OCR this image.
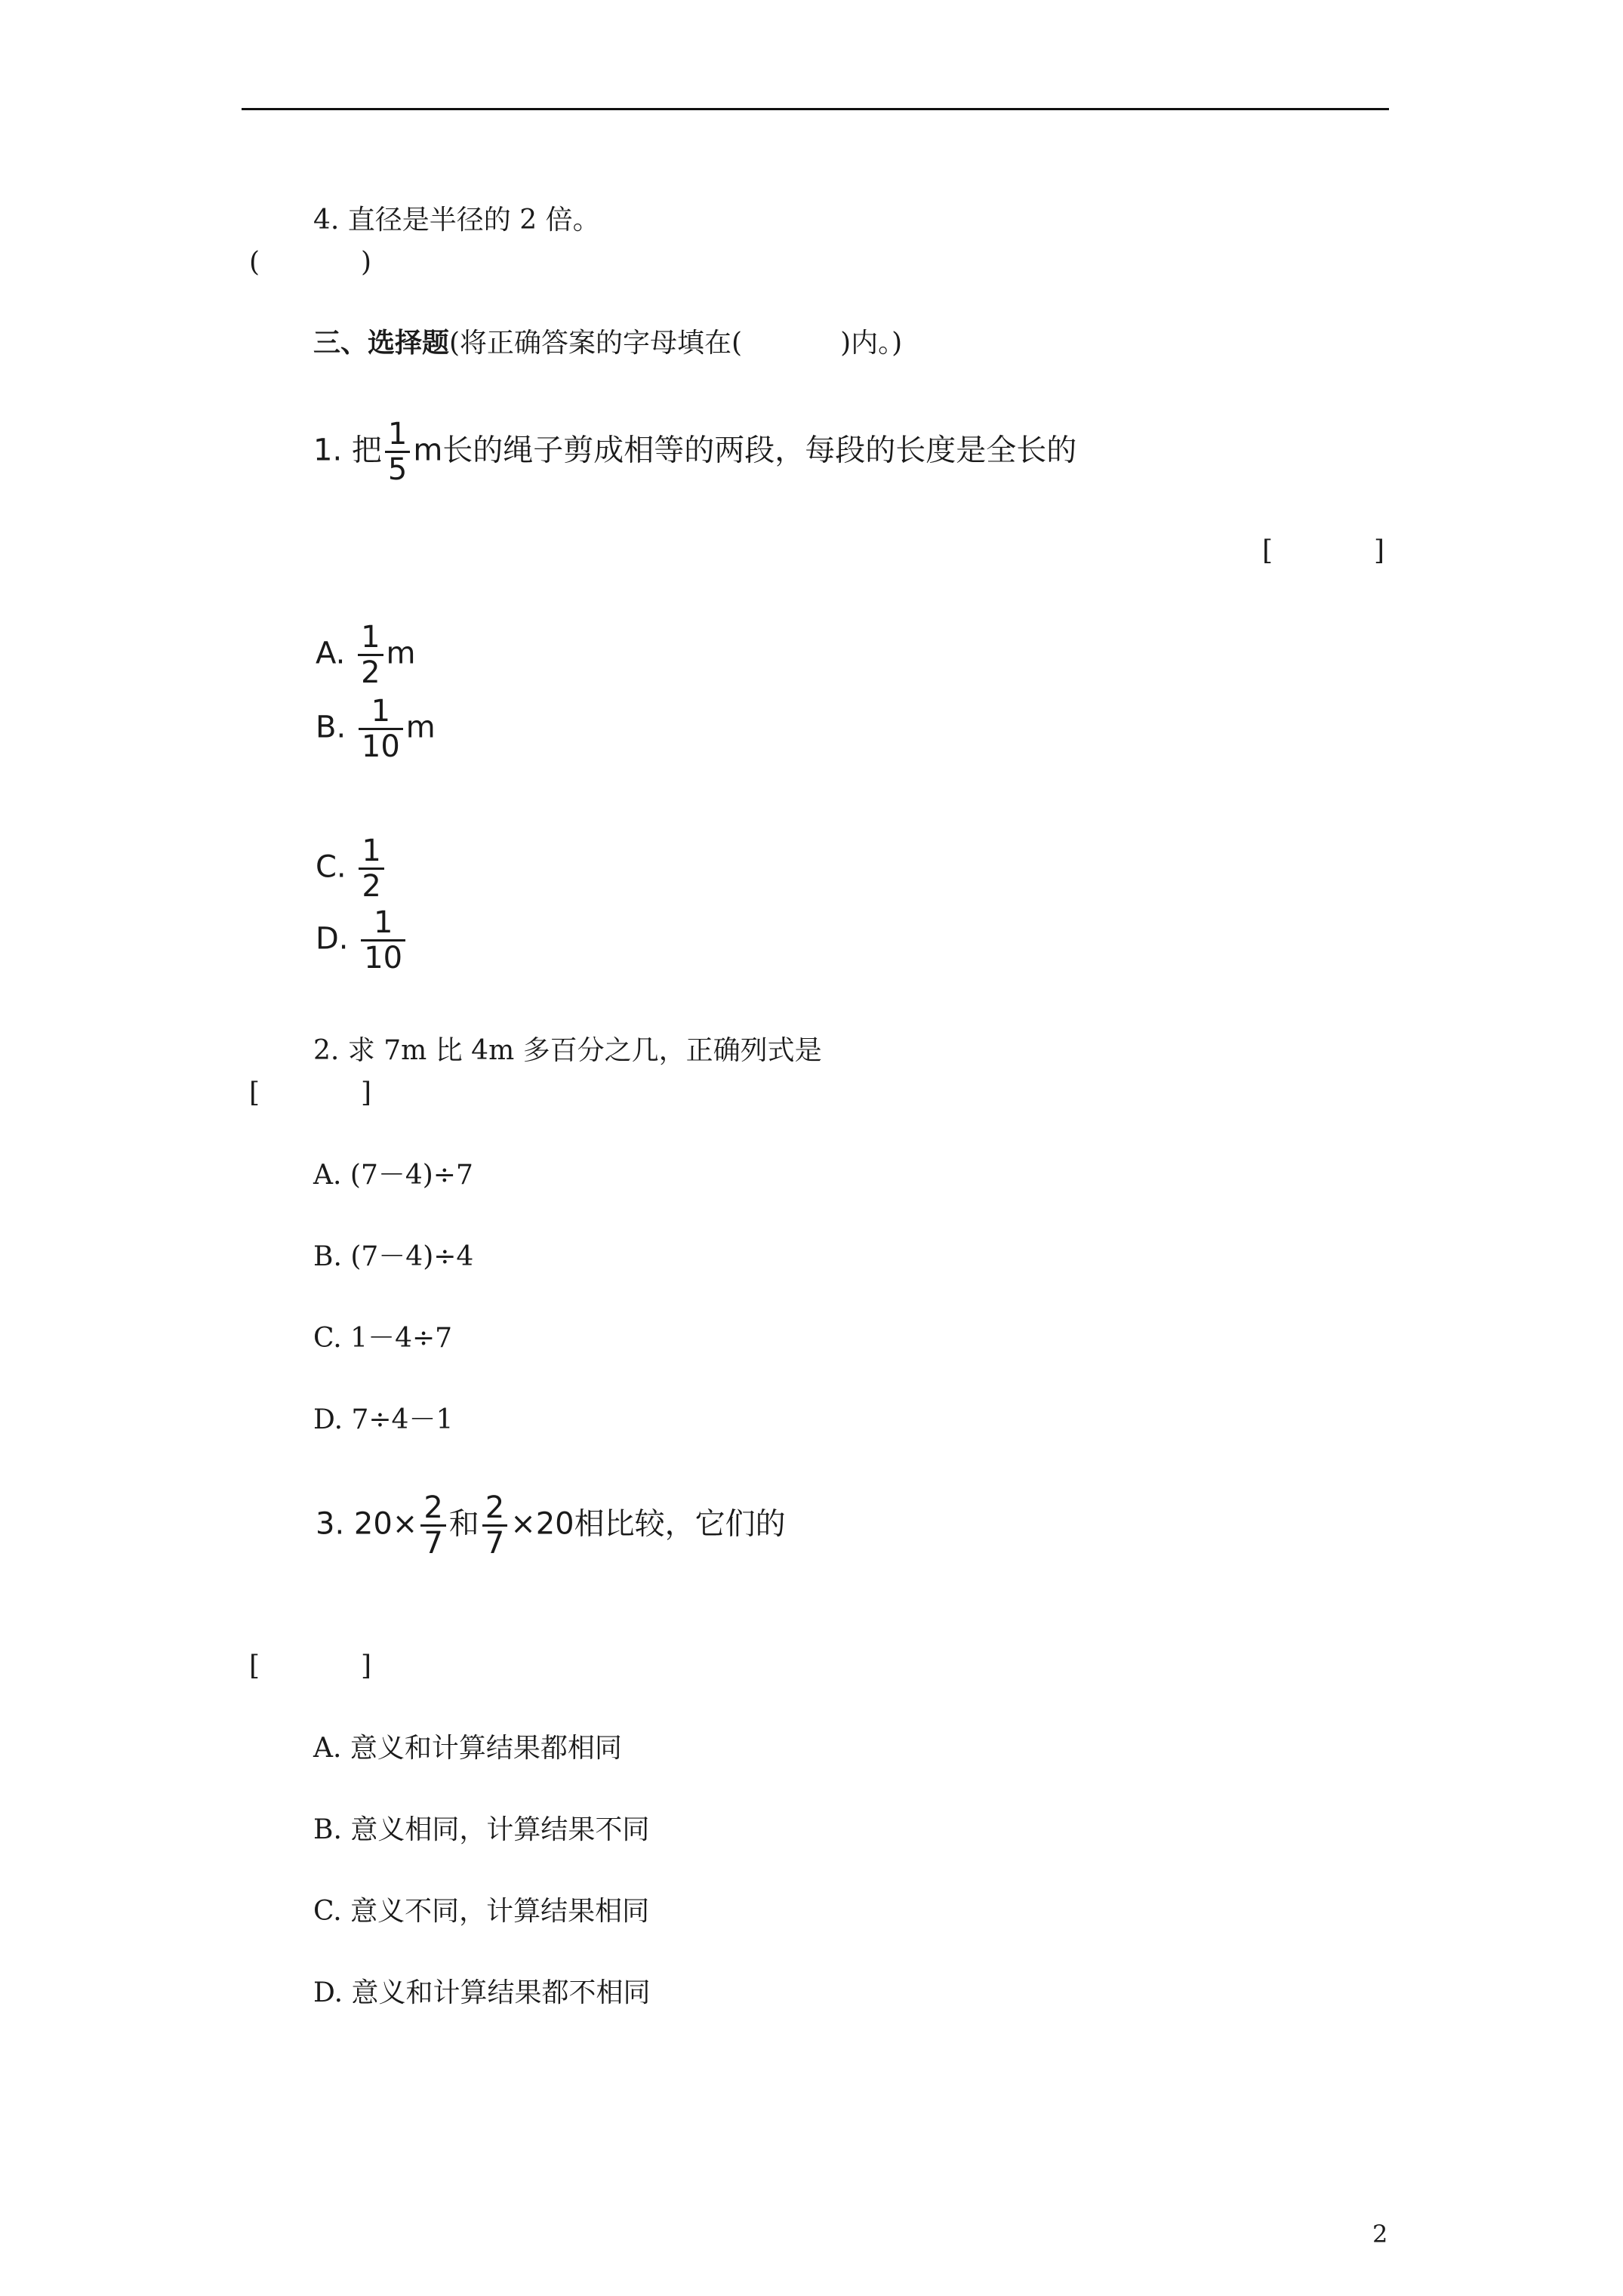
4. 直径是半径的 2 倍。
(	)
三、选择题(将正确答案的字母填在(	)内。)
1. 把 $\frac{1}{5}$ m长的绳子剪成相等的两段，每段的长度是全长的
[	]
A. $\frac{1}{2}$ m
B. $\frac{1}{10}$ m
C. $\frac{1}{2}$
D. $\frac{1}{10}$
2. 求 7m 比 4m 多百分之几，正确列式是
[	]
A. (7－4)÷7
B. (7－4)÷4
C. 1－4÷7
D. 7÷4－1
3. $20\times \frac{2}{7}$ 和 $\frac{2}{7} \times 20$相比较，它们的
[	]
A. 意义和计算结果都相同
B. 意义相同，计算结果不同
C. 意义不同，计算结果相同
D. 意义和计算结果都不相同
2
